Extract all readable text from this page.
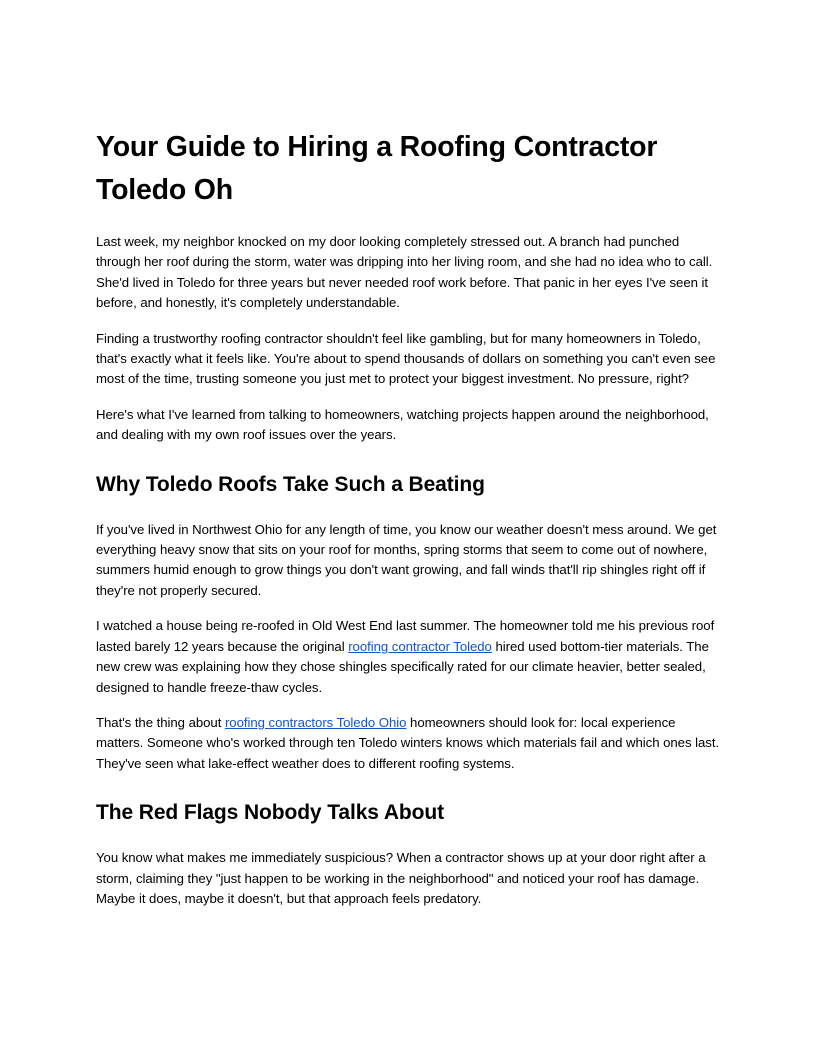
Your Guide to Hiring a Roofing Contractor Toledo Oh

Last week, my neighbor knocked on my door looking completely stressed out. A branch had punched through her roof during the storm, water was dripping into her living room, and she had no idea who to call. She'd lived in Toledo for three years but never needed roof work before. That panic in her eyes I've seen it before, and honestly, it's completely understandable.

Finding a trustworthy roofing contractor shouldn't feel like gambling, but for many homeowners in Toledo, that's exactly what it feels like. You're about to spend thousands of dollars on something you can't even see most of the time, trusting someone you just met to protect your biggest investment. No pressure, right?

Here's what I've learned from talking to homeowners, watching projects happen around the neighborhood, and dealing with my own roof issues over the years.

Why Toledo Roofs Take Such a Beating

If you've lived in Northwest Ohio for any length of time, you know our weather doesn't mess around. We get everything heavy snow that sits on your roof for months, spring storms that seem to come out of nowhere, summers humid enough to grow things you don't want growing, and fall winds that'll rip shingles right off if they're not properly secured.

I watched a house being re-roofed in Old West End last summer. The homeowner told me his previous roof lasted barely 12 years because the original roofing contractor Toledo hired used bottom-tier materials. The new crew was explaining how they chose shingles specifically rated for our climate heavier, better sealed, designed to handle freeze-thaw cycles.

That's the thing about roofing contractors Toledo Ohio homeowners should look for: local experience matters. Someone who's worked through ten Toledo winters knows which materials fail and which ones last. They've seen what lake-effect weather does to different roofing systems.

The Red Flags Nobody Talks About

You know what makes me immediately suspicious? When a contractor shows up at your door right after a storm, claiming they "just happen to be working in the neighborhood" and noticed your roof has damage. Maybe it does, maybe it doesn't, but that approach feels predatory.
